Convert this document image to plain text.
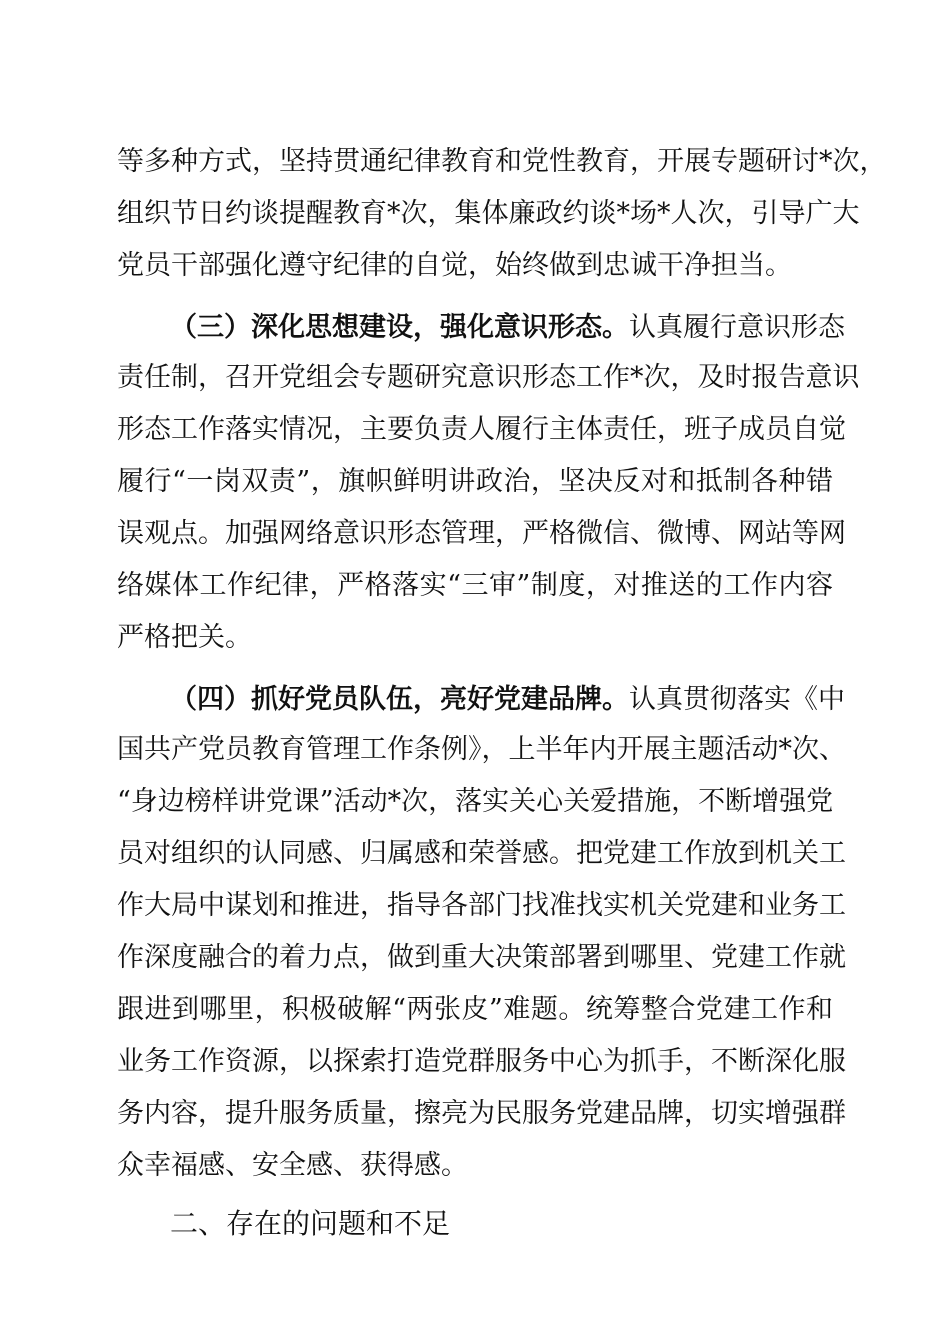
等多种方式，坚持贯通纪律教育和党性教育，开展专题研讨*次，
组织节日约谈提醒教育*次，集体廉政约谈*场*人次，引导广大
党员干部强化遵守纪律的自觉，始终做到忠诚干净担当。
（三）深化思想建设，强化意识形态。认真履行意识形态
责任制，召开党组会专题研究意识形态工作*次，及时报告意识
形态工作落实情况，主要负责人履行主体责任，班子成员自觉
履行“一岗双责”，旗帜鲜明讲政治，坚决反对和抵制各种错
误观点。加强网络意识形态管理，严格微信、微博、网站等网
络媒体工作纪律，严格落实“三审”制度，对推送的工作内容
严格把关。
（四）抓好党员队伍，亮好党建品牌。认真贯彻落实《中
国共产党员教育管理工作条例》，上半年内开展主题活动*次、
“身边榜样讲党课”活动*次，落实关心关爱措施，不断增强党
员对组织的认同感、归属感和荣誉感。把党建工作放到机关工
作大局中谋划和推进，指导各部门找准找实机关党建和业务工
作深度融合的着力点，做到重大决策部署到哪里、党建工作就
跟进到哪里，积极破解“两张皮”难题。统筹整合党建工作和
业务工作资源，以探索打造党群服务中心为抓手，不断深化服
务内容，提升服务质量，擦亮为民服务党建品牌，切实增强群
众幸福感、安全感、获得感。
二、存在的问题和不足
